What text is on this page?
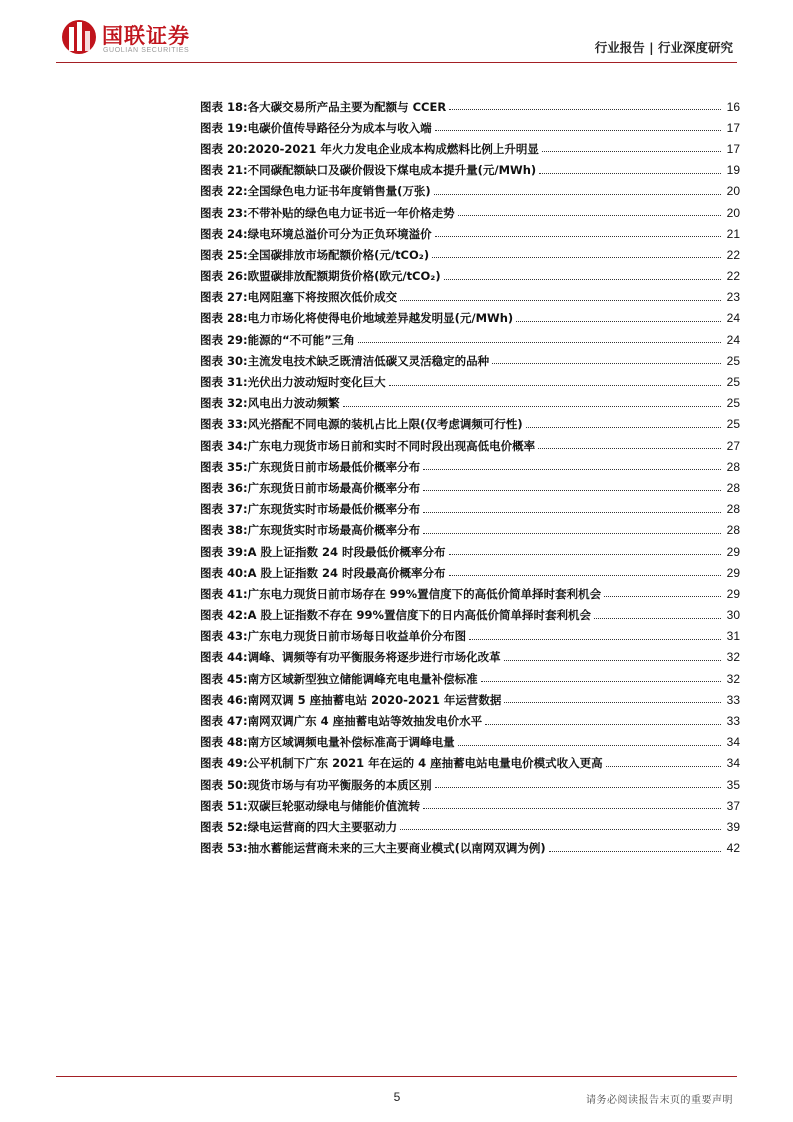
国联证券
GUOLIAN SECURITIES	行业报告 | 行业深度研究
图表 18: 各大碳交易所产品主要为配额与 CCER	16
图表 19: 电碳价值传导路径分为成本与收入端	17
图表 20: 2020-2021 年火力发电企业成本构成燃料比例上升明显	17
图表 21: 不同碳配额缺口及碳价假设下煤电成本提升量(元/MWh)	19
图表 22: 全国绿色电力证书年度销售量(万张)	20
图表 23: 不带补贴的绿色电力证书近一年价格走势	20
图表 24: 绿电环境总溢价可分为正负环境溢价	21
图表 25: 全国碳排放市场配额价格(元/tCO₂)	22
图表 26: 欧盟碳排放配额期货价格(欧元/tCO₂)	22
图表 27: 电网阻塞下将按照次低价成交	23
图表 28: 电力市场化将使得电价地域差异越发明显(元/MWh)	24
图表 29: 能源的“不可能”三角	24
图表 30: 主流发电技术缺乏既清洁低碳又灵活稳定的品种	25
图表 31: 光伏出力波动短时变化巨大	25
图表 32: 风电出力波动频繁	25
图表 33: 风光搭配不同电源的装机占比上限(仅考虑调频可行性)	25
图表 34: 广东电力现货市场日前和实时不同时段出现高低电价概率	27
图表 35: 广东现货日前市场最低价概率分布	28
图表 36: 广东现货日前市场最高价概率分布	28
图表 37: 广东现货实时市场最低价概率分布	28
图表 38: 广东现货实时市场最高价概率分布	28
图表 39: A 股上证指数 24 时段最低价概率分布	29
图表 40: A 股上证指数 24 时段最高价概率分布	29
图表 41: 广东电力现货日前市场存在 99%置信度下的高低价简单择时套利机会	29
图表 42: A 股上证指数不存在 99%置信度下的日内高低价简单择时套利机会	30
图表 43: 广东电力现货日前市场每日收益单价分布图	31
图表 44: 调峰、调频等有功平衡服务将逐步进行市场化改革	32
图表 45: 南方区域新型独立储能调峰充电电量补偿标准	32
图表 46: 南网双调 5 座抽蓄电站 2020-2021 年运营数据	33
图表 47: 南网双调广东 4 座抽蓄电站等效抽发电价水平	33
图表 48: 南方区域调频电量补偿标准高于调峰电量	34
图表 49: 公平机制下广东 2021 年在运的 4 座抽蓄电站电量电价模式收入更高	34
图表 50: 现货市场与有功平衡服务的本质区别	35
图表 51: 双碳巨轮驱动绿电与储能价值流转	37
图表 52: 绿电运营商的四大主要驱动力	39
图表 53: 抽水蓄能运营商未来的三大主要商业模式(以南网双调为例)	42
5	请务必阅读报告末页的重要声明
